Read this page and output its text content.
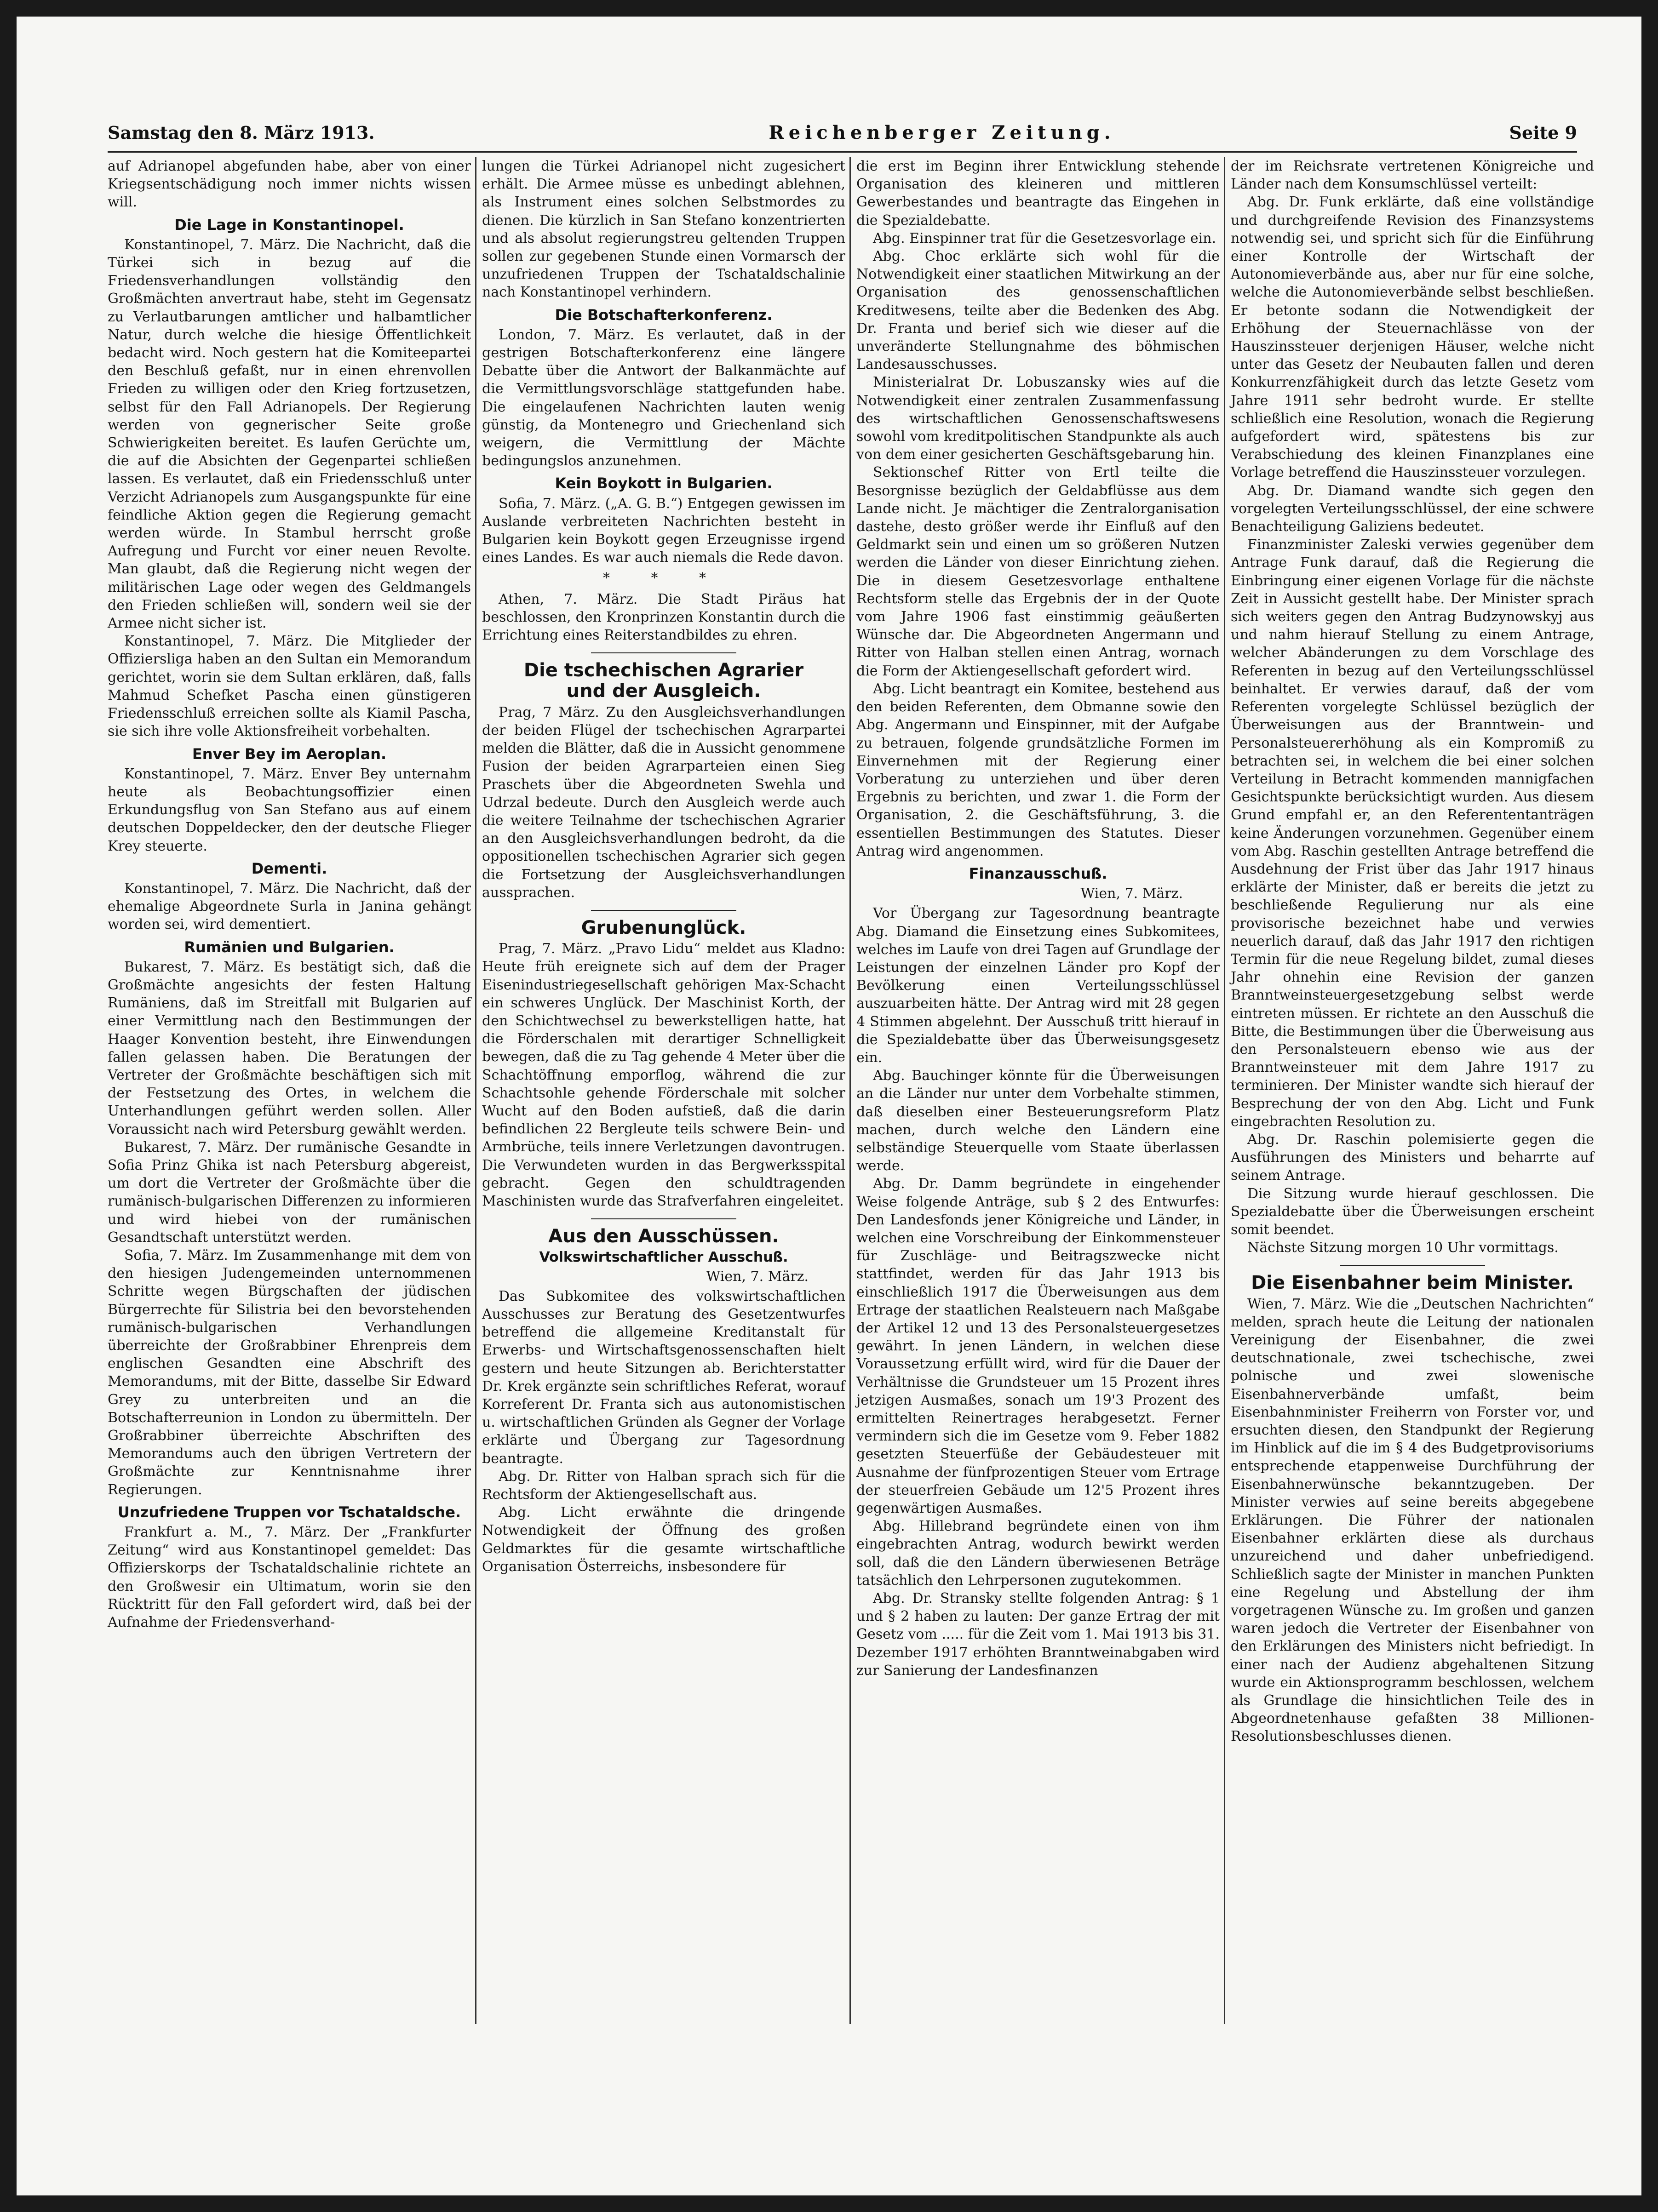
Samstag den 8. März 1913.	Reichenberger Zeitung.	Seite 9

auf Adrianopel abgefunden habe, aber von einer Kriegsentschädigung noch immer nichts wissen will.

Die Lage in Konstantinopel.

Konstantinopel, 7. März. Die Nachricht, daß die Türkei sich in bezug auf die Friedensverhandlungen vollständig den Großmächten anvertraut habe, steht im Gegensatz zu Verlautbarungen amtlicher und halbamtlicher Natur, durch welche die hiesige Öffentlichkeit bedacht wird. Noch gestern hat die Komiteepartei den Beschluß gefaßt, nur in einen ehrenvollen Frieden zu willigen oder den Krieg fortzusetzen, selbst für den Fall Adrianopels. Der Regierung werden von gegnerischer Seite große Schwierigkeiten bereitet. Es laufen Gerüchte um, die auf die Absichten der Gegenpartei schließen lassen. Es verlautet, daß ein Friedensschluß unter Verzicht Adrianopels zum Ausgangspunkte für eine feindliche Aktion gegen die Regierung gemacht werden würde. In Stambul herrscht große Aufregung und Furcht vor einer neuen Revolte. Man glaubt, daß die Regierung nicht wegen der militärischen Lage oder wegen des Geldmangels den Frieden schließen will, sondern weil sie der Armee nicht sicher ist.

Konstantinopel, 7. März. Die Mitglieder der Offiziersliga haben an den Sultan ein Memorandum gerichtet, worin sie dem Sultan erklären, daß, falls Mahmud Schefket Pascha einen günstigeren Friedensschluß erreichen sollte als Kiamil Pascha, sie sich ihre volle Aktionsfreiheit vorbehalten.

Enver Bey im Aeroplan.

Konstantinopel, 7. März. Enver Bey unternahm heute als Beobachtungsoffizier einen Erkundungsflug von San Stefano aus auf einem deutschen Doppeldecker, den der deutsche Flieger Krey steuerte.

Dementi.

Konstantinopel, 7. März. Die Nachricht, daß der ehemalige Abgeordnete Surla in Janina gehängt worden sei, wird dementiert.

Rumänien und Bulgarien.

Bukarest, 7. März. Es bestätigt sich, daß die Großmächte angesichts der festen Haltung Rumäniens, daß im Streitfall mit Bulgarien auf einer Vermittlung nach den Bestimmungen der Haager Konvention besteht, ihre Einwendungen fallen gelassen haben. Die Beratungen der Vertreter der Großmächte beschäftigen sich mit der Festsetzung des Ortes, in welchem die Unterhandlungen geführt werden sollen. Aller Voraussicht nach wird Petersburg gewählt werden.

Bukarest, 7. März. Der rumänische Gesandte in Sofia Prinz Ghika ist nach Petersburg abgereist, um dort die Vertreter der Großmächte über die rumänisch-bulgarischen Differenzen zu informieren und wird hiebei von der rumänischen Gesandtschaft unterstützt werden.

Sofia, 7. März. Im Zusammenhange mit dem von den hiesigen Judengemeinden unternommenen Schritte wegen Bürgschaften der jüdischen Bürgerrechte für Silistria bei den bevorstehenden rumänisch-bulgarischen Verhandlungen überreichte der Großrabbiner Ehrenpreis dem englischen Gesandten eine Abschrift des Memorandums, mit der Bitte, dasselbe Sir Edward Grey zu unterbreiten und an die Botschafterreunion in London zu übermitteln. Der Großrabbiner überreichte Abschriften des Memorandums auch den übrigen Vertretern der Großmächte zur Kenntnisnahme ihrer Regierungen.

Unzufriedene Truppen vor Tschataldsche.

Frankfurt a. M., 7. März. Der „Frankfurter Zeitung“ wird aus Konstantinopel gemeldet: Das Offizierskorps der Tschataldschalinie richtete an den Großwesir ein Ultimatum, worin sie den Rücktritt für den Fall gefordert wird, daß bei der Aufnahme der Friedensverhand-

lungen die Türkei Adrianopel nicht zugesichert erhält. Die Armee müsse es unbedingt ablehnen, als Instrument eines solchen Selbstmordes zu dienen. Die kürzlich in San Stefano konzentrierten und als absolut regierungstreu geltenden Truppen sollen zur gegebenen Stunde einen Vormarsch der unzufriedenen Truppen der Tschataldschalinie nach Konstantinopel verhindern.

Die Botschafterkonferenz.

London, 7. März. Es verlautet, daß in der gestrigen Botschafterkonferenz eine längere Debatte über die Antwort der Balkanmächte auf die Vermittlungsvorschläge stattgefunden habe. Die eingelaufenen Nachrichten lauten wenig günstig, da Montenegro und Griechenland sich weigern, die Vermittlung der Mächte bedingungslos anzunehmen.

Kein Boykott in Bulgarien.

Sofia, 7. März. („A. G. B.“) Entgegen gewissen im Auslande verbreiteten Nachrichten besteht in Bulgarien kein Boykott gegen Erzeugnisse irgend eines Landes. Es war auch niemals die Rede davon.

* * *

Athen, 7. März. Die Stadt Piräus hat beschlossen, den Kronprinzen Konstantin durch die Errichtung eines Reiterstandbildes zu ehren.

Die tschechischen Agrarier
und der Ausgleich.

Prag, 7 März. Zu den Ausgleichsverhandlungen der beiden Flügel der tschechischen Agrarpartei melden die Blätter, daß die in Aussicht genommene Fusion der beiden Agrarparteien einen Sieg Praschets über die Abgeordneten Swehla und Udrzal bedeute. Durch den Ausgleich werde auch die weitere Teilnahme der tschechischen Agrarier an den Ausgleichsverhandlungen bedroht, da die oppositionellen tschechischen Agrarier sich gegen die Fortsetzung der Ausgleichsverhandlungen aussprachen.

Grubenunglück.

Prag, 7. März. „Pravo Lidu“ meldet aus Kladno: Heute früh ereignete sich auf dem der Prager Eisenindustriegesellschaft gehörigen Max-Schacht ein schweres Unglück. Der Maschinist Korth, der den Schichtwechsel zu bewerkstelligen hatte, hat die Förderschalen mit derartiger Schnelligkeit bewegen, daß die zu Tag gehende 4 Meter über die Schachtöffnung emporflog, während die zur Schachtsohle gehende Förderschale mit solcher Wucht auf den Boden aufstieß, daß die darin befindlichen 22 Bergleute teils schwere Bein- und Armbrüche, teils innere Verletzungen davontrugen. Die Verwundeten wurden in das Bergwerksspital gebracht. Gegen den schuldtragenden Maschinisten wurde das Strafverfahren eingeleitet.

Aus den Ausschüssen.
Volkswirtschaftlicher Ausschuß.
Wien, 7. März.

Das Subkomitee des volkswirtschaftlichen Ausschusses zur Beratung des Gesetzentwurfes betreffend die allgemeine Kreditanstalt für Erwerbs- und Wirtschaftsgenossenschaften hielt gestern und heute Sitzungen ab. Berichterstatter Dr. Krek ergänzte sein schriftliches Referat, worauf Korreferent Dr. Franta sich aus autonomistischen u. wirtschaftlichen Gründen als Gegner der Vorlage erklärte und Übergang zur Tagesordnung beantragte.

Abg. Dr. Ritter von Halban sprach sich für die Rechtsform der Aktiengesellschaft aus.

Abg. Licht erwähnte die dringende Notwendigkeit der Öffnung des großen Geldmarktes für die gesamte wirtschaftliche Organisation Österreichs, insbesondere für

die erst im Beginn ihrer Entwicklung stehende Organisation des kleineren und mittleren Gewerbestandes und beantragte das Eingehen in die Spezialdebatte.

Abg. Einspinner trat für die Gesetzesvorlage ein.

Abg. Choc erklärte sich wohl für die Notwendigkeit einer staatlichen Mitwirkung an der Organisation des genossenschaftlichen Kreditwesens, teilte aber die Bedenken des Abg. Dr. Franta und berief sich wie dieser auf die unveränderte Stellungnahme des böhmischen Landesausschusses.

Ministerialrat Dr. Lobuszansky wies auf die Notwendigkeit einer zentralen Zusammenfassung des wirtschaftlichen Genossenschaftswesens sowohl vom kreditpolitischen Standpunkte als auch von dem einer gesicherten Geschäftsgebarung hin.

Sektionschef Ritter von Ertl teilte die Besorgnisse bezüglich der Geldabflüsse aus dem Lande nicht. Je mächtiger die Zentralorganisation dastehe, desto größer werde ihr Einfluß auf den Geldmarkt sein und einen um so größeren Nutzen werden die Länder von dieser Einrichtung ziehen. Die in diesem Gesetzesvorlage enthaltene Rechtsform stelle das Ergebnis der in der Quote vom Jahre 1906 fast einstimmig geäußerten Wünsche dar. Die Abgeordneten Angermann und Ritter von Halban stellen einen Antrag, wornach die Form der Aktiengesellschaft gefordert wird.

Abg. Licht beantragt ein Komitee, bestehend aus den beiden Referenten, dem Obmanne sowie den Abg. Angermann und Einspinner, mit der Aufgabe zu betrauen, folgende grundsätzliche Formen im Einvernehmen mit der Regierung einer Vorberatung zu unterziehen und über deren Ergebnis zu berichten, und zwar 1. die Form der Organisation, 2. die Geschäftsführung, 3. die essentiellen Bestimmungen des Statutes. Dieser Antrag wird angenommen.

Finanzausschuß.
Wien, 7. März.

Vor Übergang zur Tagesordnung beantragte Abg. Diamand die Einsetzung eines Subkomitees, welches im Laufe von drei Tagen auf Grundlage der Leistungen der einzelnen Länder pro Kopf der Bevölkerung einen Verteilungsschlüssel auszuarbeiten hätte. Der Antrag wird mit 28 gegen 4 Stimmen abgelehnt. Der Ausschuß tritt hierauf in die Spezialdebatte über das Überweisungsgesetz ein.

Abg. Bauchinger könnte für die Überweisungen an die Länder nur unter dem Vorbehalte stimmen, daß dieselben einer Besteuerungsreform Platz machen, durch welche den Ländern eine selbständige Steuerquelle vom Staate überlassen werde.

Abg. Dr. Damm begründete in eingehender Weise folgende Anträge, sub § 2 des Entwurfes: Den Landesfonds jener Königreiche und Länder, in welchen eine Vorschreibung der Einkommensteuer für Zuschläge- und Beitragszwecke nicht stattfindet, werden für das Jahr 1913 bis einschließlich 1917 die Überweisungen aus dem Ertrage der staatlichen Realsteuern nach Maßgabe der Artikel 12 und 13 des Personalsteuergesetzes gewährt. In jenen Ländern, in welchen diese Voraussetzung erfüllt wird, wird für die Dauer der Verhältnisse die Grundsteuer um 15 Prozent ihres jetzigen Ausmaßes, sonach um 19'3 Prozent des ermittelten Reinertrages herabgesetzt. Ferner vermindern sich die im Gesetze vom 9. Feber 1882 gesetzten Steuerfüße der Gebäudesteuer mit Ausnahme der fünfprozentigen Steuer vom Ertrage der steuerfreien Gebäude um 12'5 Prozent ihres gegenwärtigen Ausmaßes.

Abg. Hillebrand begründete einen von ihm eingebrachten Antrag, wodurch bewirkt werden soll, daß die den Ländern überwiesenen Beträge tatsächlich den Lehrpersonen zugutekommen.

Abg. Dr. Stransky stellte folgenden Antrag: § 1 und § 2 haben zu lauten: Der ganze Ertrag der mit Gesetz vom ..... für die Zeit vom 1. Mai 1913 bis 31. Dezember 1917 erhöhten Branntweinabgaben wird zur Sanierung der Landesfinanzen

der im Reichsrate vertretenen Königreiche und Länder nach dem Konsumschlüssel verteilt:

Abg. Dr. Funk erklärte, daß eine vollständige und durchgreifende Revision des Finanzsystems notwendig sei, und spricht sich für die Einführung einer Kontrolle der Wirtschaft der Autonomieverbände aus, aber nur für eine solche, welche die Autonomieverbände selbst beschließen. Er betonte sodann die Notwendigkeit der Erhöhung der Steuernachlässe von der Hauszinssteuer derjenigen Häuser, welche nicht unter das Gesetz der Neubauten fallen und deren Konkurrenzfähigkeit durch das letzte Gesetz vom Jahre 1911 sehr bedroht wurde. Er stellte schließlich eine Resolution, wonach die Regierung aufgefordert wird, spätestens bis zur Verabschiedung des kleinen Finanzplanes eine Vorlage betreffend die Hauszinssteuer vorzulegen.

Abg. Dr. Diamand wandte sich gegen den vorgelegten Verteilungsschlüssel, der eine schwere Benachteiligung Galiziens bedeutet.

Finanzminister Zaleski verwies gegenüber dem Antrage Funk darauf, daß die Regierung die Einbringung einer eigenen Vorlage für die nächste Zeit in Aussicht gestellt habe. Der Minister sprach sich weiters gegen den Antrag Budzynowskyj aus und nahm hierauf Stellung zu einem Antrage, welcher Abänderungen zu dem Vorschlage des Referenten in bezug auf den Verteilungsschlüssel beinhaltet. Er verwies darauf, daß der vom Referenten vorgelegte Schlüssel bezüglich der Überweisungen aus der Branntwein- und Personalsteuererhöhung als ein Kompromiß zu betrachten sei, in welchem die bei einer solchen Verteilung in Betracht kommenden mannigfachen Gesichtspunkte berücksichtigt wurden. Aus diesem Grund empfahl er, an den Referententanträgen keine Änderungen vorzunehmen. Gegenüber einem vom Abg. Raschin gestellten Antrage betreffend die Ausdehnung der Frist über das Jahr 1917 hinaus erklärte der Minister, daß er bereits die jetzt zu beschließende Regulierung nur als eine provisorische bezeichnet habe und verwies neuerlich darauf, daß das Jahr 1917 den richtigen Termin für die neue Regelung bildet, zumal dieses Jahr ohnehin eine Revision der ganzen Branntweinsteuergesetzgebung selbst werde eintreten müssen. Er richtete an den Ausschuß die Bitte, die Bestimmungen über die Überweisung aus den Personalsteuern ebenso wie aus der Branntweinsteuer mit dem Jahre 1917 zu terminieren. Der Minister wandte sich hierauf der Besprechung der von den Abg. Licht und Funk eingebrachten Resolution zu.

Abg. Dr. Raschin polemisierte gegen die Ausführungen des Ministers und beharrte auf seinem Antrage.

Die Sitzung wurde hierauf geschlossen. Die Spezialdebatte über die Überweisungen erscheint somit beendet.

Nächste Sitzung morgen 10 Uhr vormittags.

Die Eisenbahner beim Minister.

Wien, 7. März. Wie die „Deutschen Nachrichten“ melden, sprach heute die Leitung der nationalen Vereinigung der Eisenbahner, die zwei deutschnationale, zwei tschechische, zwei polnische und zwei slowenische Eisenbahnerverbände umfaßt, beim Eisenbahnminister Freiherrn von Forster vor, und ersuchten diesen, den Standpunkt der Regierung im Hinblick auf die im § 4 des Budgetprovisoriums entsprechende etappenweise Durchführung der Eisenbahnerwünsche bekanntzugeben. Der Minister verwies auf seine bereits abgegebene Erklärungen. Die Führer der nationalen Eisenbahner erklärten diese als durchaus unzureichend und daher unbefriedigend. Schließlich sagte der Minister in manchen Punkten eine Regelung und Abstellung der ihm vorgetragenen Wünsche zu. Im großen und ganzen waren jedoch die Vertreter der Eisenbahner von den Erklärungen des Ministers nicht befriedigt. In einer nach der Audienz abgehaltenen Sitzung wurde ein Aktionsprogramm beschlossen, welchem als Grundlage die hinsichtlichen Teile des in Abgeordnetenhause gefaßten 38 Millionen-Resolutionsbeschlusses dienen.
